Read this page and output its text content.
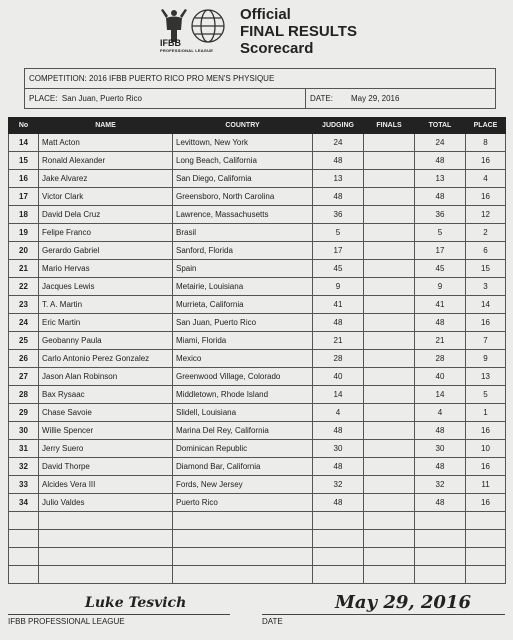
IFBB
PROFESSIONAL LEAGUE
Official
FINAL RESULTS
Scorecard
COMPETITION:
2016 IFBB PUERTO RICO PRO MEN'S PHYSIQUE
PLACE: San Juan, Puerto Rico	DATE: May 29, 2016
No	NAME	COUNTRY	JUDGING	FINALS	TOTAL	PLACE
14	Matt Acton	Levittown, New York	24		24	8
15	Ronald Alexander	Long Beach, California	48		48	16
16	Jake Alvarez	San Diego, California	13		13	4
17	Victor Clark	Greensboro, North Carolina	48		48	16
18	David Dela Cruz	Lawrence, Massachusetts	36		36	12
19	Felipe Franco	Brasil	5		5	2
20	Gerardo Gabriel	Sanford, Florida	17		17	6
21	Mario Hervas	Spain	45		45	15
22	Jacques Lewis	Metairie, Louisiana	9		9	3
23	T. A. Martin	Murrieta, California	41		41	14
24	Eric Martin	San Juan, Puerto Rico	48		48	16
25	Geobanny Paula	Miami, Florida	21		21	7
26	Carlo Antonio Perez Gonzalez	Mexico	28		28	9
27	Jason Alan Robinson	Greenwood Village, Colorado	40		40	13
28	Bax Rysaac	Middletown, Rhode Island	14		14	5
29	Chase Savoie	Slidell, Louisiana	4		4	1
30	Willie Spencer	Marina Del Rey, California	48		48	16
31	Jerry Suero	Dominican Republic	30		30	10
32	David Thorpe	Diamond Bar, California	48		48	16
33	Alcides Vera III	Fords, New Jersey	32		32	11
34	Julio Valdes	Puerto Rico	48		48	16

Luke Tesvich
IFBB PROFESSIONAL LEAGUE
May 29, 2016
DATE
